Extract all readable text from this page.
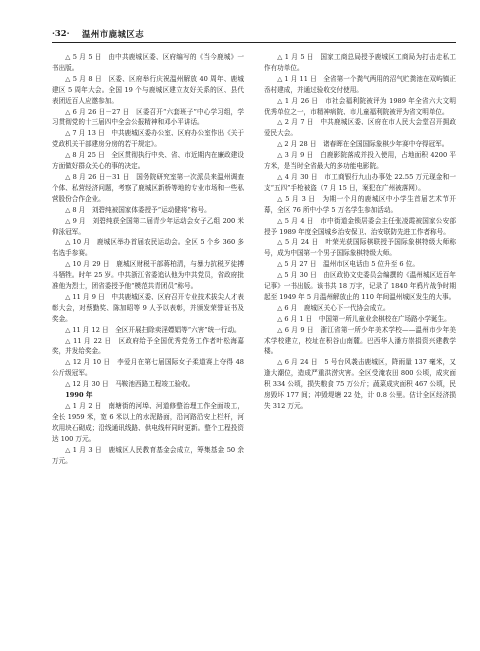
·32· 温州市鹿城区志

△ 5 月 5 日　由中共鹿城区委、区府编写的《当今鹿城》一书出版。

△ 5 月 8 日　区委、区府举行庆祝温州解放 40 周年、鹿城建区 5 周年大会。全国 19 个与鹿城区建立友好关系的区、县代表团近百人应邀参加。

△ 6 月 26 日－27 日　区委召开“六套班子”中心学习组，学习贯彻党的十三届四中全会公报精神和邓小平讲话。

△ 7 月 13 日　中共鹿城区委办公室、区府办公室作出《关于党政机关干部建房分房的若干规定》。

△ 8 月 25 日　全区贯彻执行中央、省、市近期内在廉政建设方面做好群众关心的事的决定。

△ 8 月 26 日－31 日　国务院研究室第一次派员来温州调查个体、私营经济问题，考察了鹿城区新桥等地的专业市场和一些私营股份合作企业。

△ 8 月　刘碧纯被国家体委授予“运动健将”称号。

△ 9 月　刘碧纯获全国第二届青少年运动会女子乙组 200 米仰泳冠军。

△ 10 月　鹿城区举办首届农民运动会。全区 5 个乡 360 多名选手参赛。

△ 10 月 29 日　鹿城区财税干部蒋柏清，与暴力抗税歹徒搏斗牺牲。时年 25 岁。中共浙江省委追认他为中共党员，省政府批准他为烈士，团省委授予他“模范共青团员”称号。

△ 11 月 9 日　中共鹿城区委、区府召开专业技术拔尖人才表彰大会，对蔡勤奖、陈加昭等 9 人予以表彰，并颁发荣誉证书及奖金。

△ 11 月 12 日　全区开展扫除卖淫嫖娼等“六害”统一行动。

△ 11 月 22 日　区政府给予全国优秀党务工作者叶松海嘉奖，并发给奖金。

△ 12 月 10 日　李爱月在第七届国际女子柔道赛上夺得 48 公斤级冠军。

△ 12 月 30 日　马鞍池西路工程竣工验收。

1990 年

△ 1 月 2 日　南塘街的河埠、河道修整治理工作全面竣工，全长 1959 米，宽 6 米以上的水泥路面，沿河路沿安上栏杆，河坎用块石砌成；沿线通讯线路、供电线杆同时更新。整个工程投资达 100 万元。

△ 1 月 3 日　鹿城区人民教育基金会成立，筹集基金 50 余万元。

△ 1 月 5 日　国家工商总局授予鹿城区工商局为打击走私工作有功单位。

△ 1 月 11 日　全省第一个粪气两用的沼气贮粪池在双屿镇正岙村建成，并通过验收交付使用。

△ 1 月 26 日　市社会福利院被评为 1989 年全省六大文明优秀单位之一，市精神病院、市儿童福利院被评为省文明单位。

△ 2 月 7 日　中共鹿城区委、区府在市人民大会堂召开拥政爱民大会。

△ 2 月 28 日　诸春晖在全国国际象棋少年赛中夺得冠军。

△ 3 月 9 日　白鹿影院落成并投入使用，占地面积 4200 平方米，是当时全省最大的多功能电影院。

△ 4 月 30 日　市工商银行九山办事处 22.55 万元现金和一支“五四”手枪被盗（7 月 15 日，案犯在广州被落网）。

△ 5 月 3 日　为期一个月的鹿城区中小学生首届艺术节开幕，全区 76 所中小学 5 万名学生参加活动。

△ 5 月 4 日　市中街道金锁居委会主任张凌霞被国家公安部授予 1989 年度全国城乡治安保卫、治安联防先进工作者称号。

△ 5 月 24 日　叶荣光获国际棋联授予国际象棋特级大师称号，成为中国第一个男子国际象棋特级大师。

△ 5 月 27 日　温州市区电话由 5 位升至 6 位。

△ 5 月 30 日　由区政协文史委员会编撰的《温州城区近百年记事》一书出版。该书共 18 万字，记录了 1840 年鸦片战争时期起至 1949 年 5 月温州解放止的 110 年间温州城区发生的大事。

△ 6 月　鹿城区关心下一代协会成立。

△ 6 月 1 日　中国第一所儿童业余棋校在广场路小学诞生。

△ 6 月 9 日　浙江省第一所少年美术学校——温州市少年美术学校建立，校址在积谷山南麓。巴西华人潘方崇捐资兴建教学楼。

△ 6 月 24 日　5 号台风袭击鹿城区，降雨量 137 毫米，又逢大潮位，造成严重洪涝灾害。全区受淹农田 800 公顷，成灾面积 334 公顷，损失粮食 75 万公斤；蔬菜成灾面积 467 公顷，民房毁坏 177 间；冲毁堤塘 22 处，计 0.8 公里。估计全区经济损失 312 万元。
